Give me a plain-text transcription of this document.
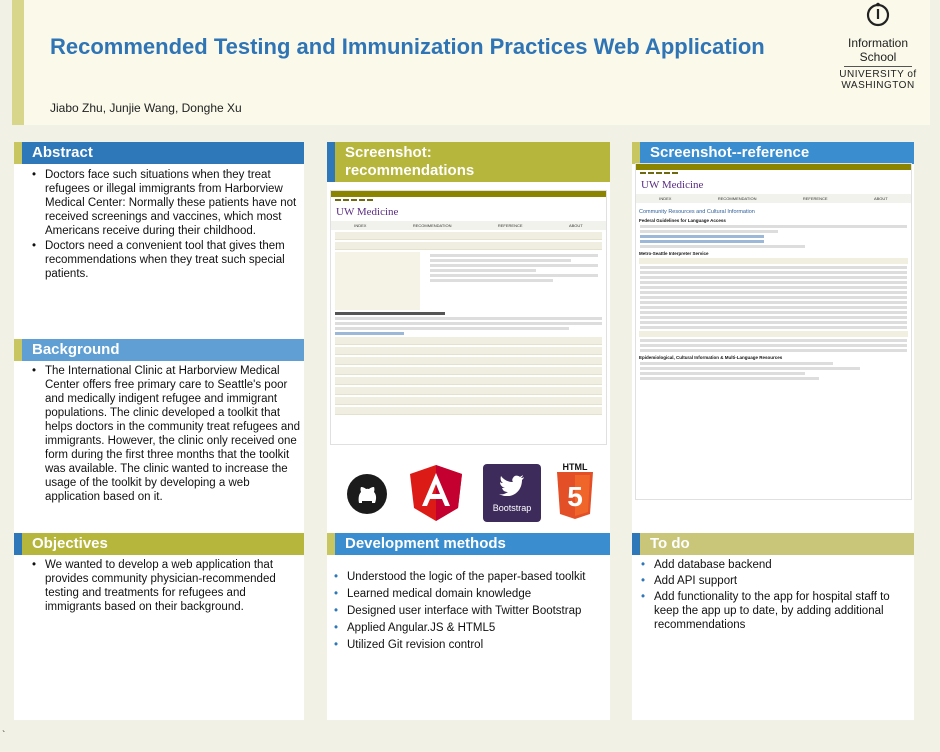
Recommended Testing and Immunization Practices Web Application
Jiabo Zhu, Junjie Wang, Donghe Xu
Information
School
UNIVERSITY of
WASHINGTON
Abstract
• Doctors face such situations when they treat refugees or illegal immigrants from Harborview Medical Center: Normally these patients have not received screenings and vaccines, which most Americans receive during their childhood.
• Doctors need a convenient tool that gives them recommendations when they treat such special patients.
Background
• The International Clinic at Harborview Medical Center offers free primary care to Seattle's poor and medically indigent refugee and immigrant populations. The clinic developed a toolkit that helps doctors in the community treat refugees and immigrants. However, the clinic only received one form during the first three months that the toolkit was available. The clinic wanted to increase the usage of the toolkit by developing a web application based on it.
Objectives
• We wanted to develop a web application that provides community physician-recommended testing and treatments for refugees and immigrants based on their background.
Screenshot: recommendations
UW Medicine
INDEX	RECOMMENDATION	REFERENCE	ABOUT
Bootstrap
HTML
5
Development methods
• Understood the logic of the paper-based toolkit
• Learned medical domain knowledge
• Designed user interface with Twitter Bootstrap
• Applied Angular.JS & HTML5
• Utilized Git revision control
Screenshot--reference
UW Medicine
INDEX	RECOMMENDATION	REFERENCE	ABOUT
Community Resources and Cultural Information
Federal Guidelines for Language Access
Metro-Seattle Interpreter Service
Epidemiological, Cultural Information & Multi-Language Resources
To do
• Add database backend
• Add API support
• Add functionality to the app for hospital staff to keep the app up to date, by adding additional recommendations
`
